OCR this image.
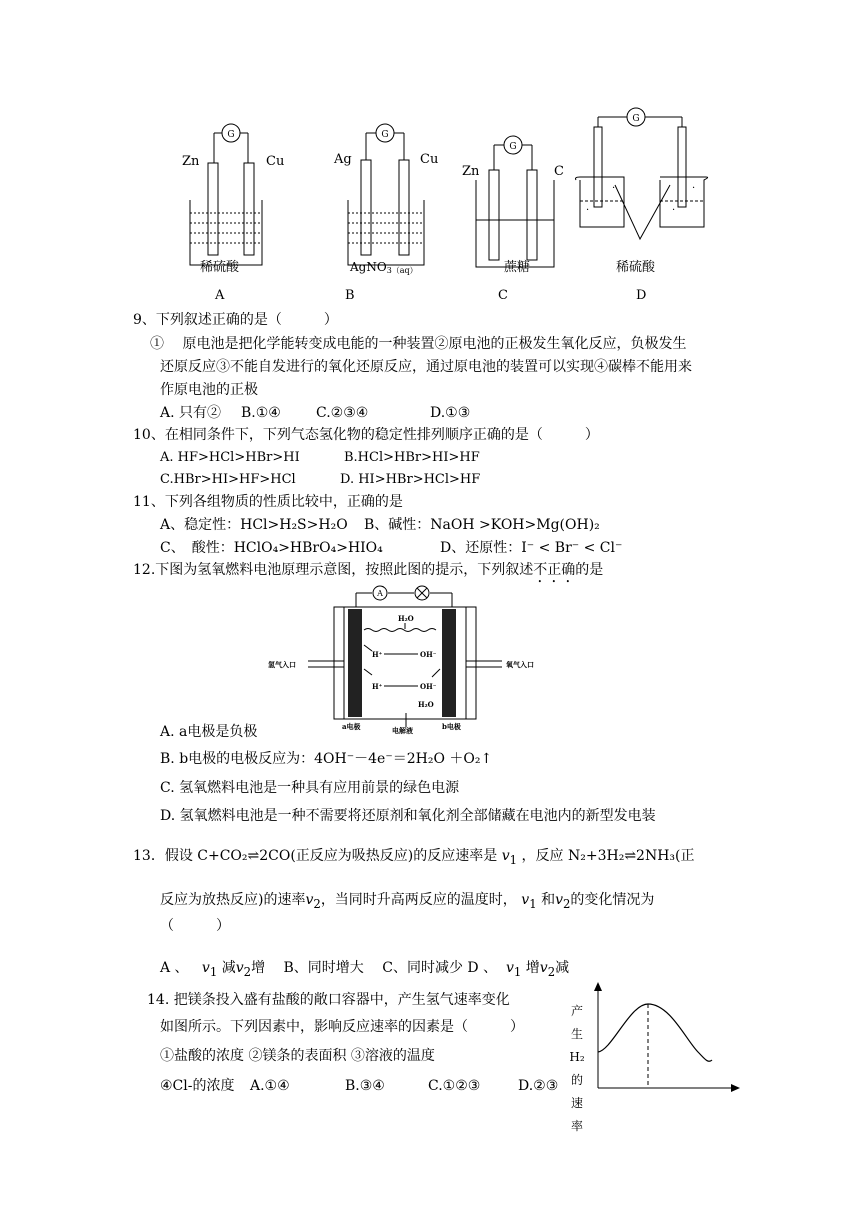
G
Zn	Cu
稀硫酸
A
G
Ag	Cu
AgNO3（aq）
B
G
Zn	C
蔗糖
C
G
·
·
·
·
稀硫酸
D
9、下列叙述正确的是（　　　）
①　 原电池是把化学能转变成电能的一种装置②原电池的正极发生氧化反应，负极发生
还原反应③不能自发进行的氧化还原反应，通过原电池的装置可以实现④碳棒不能用来
作原电池的正极
A. 只有② B.①④	C.②③④	D.①③
10、在相同条件下，下列气态氢化物的稳定性排列顺序正确的是（　　　）
A. HF>HCl>HBr>HI	B.HCl>HBr>HI>HF
C.HBr>HI>HF>HCl	D. HI>HBr>HCl>HF
11、下列各组物质的性质比较中，正确的是
A、稳定性：HCl>H₂S>H₂O B、碱性：NaOH >KOH>Mg(OH)₂
C、　酸性：HClO₄>HBrO₄>HIO₄	D、还原性：I⁻ < Br⁻ < Cl⁻
12.下图为氢氧燃料电池原理示意图，按照此图的提示，下列叙述不正确的是
A
H₂O
氢气入口	氧气入口
H⁺	OH⁻
H⁺	OH⁻
H₂O
a电极	电解液	b电极
A. a电极是负极
B. b电极的电极反应为：4OH⁻－4e⁻＝2H₂O ＋O₂↑
C. 氢氧燃料电池是一种具有应用前景的绿色电源
D. 氢氧燃料电池是一种不需要将还原剂和氧化剂全部储藏在电池内的新型发电装
13．假设 C+CO₂⇌2CO(正反应为吸热反应)的反应速率是 $v_1$ ，反应 N₂+3H₂⇌2NH₃(正
反应为放热反应)的速率$v_2$，当同时升高两反应的温度时， $v_1$ 和$v_2$的变化情况为
（　　　）
A 、 $v_1$ 减$v_2$增　 B、同时增大　 C、同时减少 D 、 $v_1$ 增$v_2$减
14. 把镁条投入盛有盐酸的敞口容器中，产生氢气速率变化
如图所示。下列因素中，影响反应速率的因素是（　　　）
①盐酸的浓度 ②镁条的表面积 ③溶液的温度
④Cl-的浓度 A.①④	B.③④	C.①②③	D.②③
产
生
H₂
的
速
率
